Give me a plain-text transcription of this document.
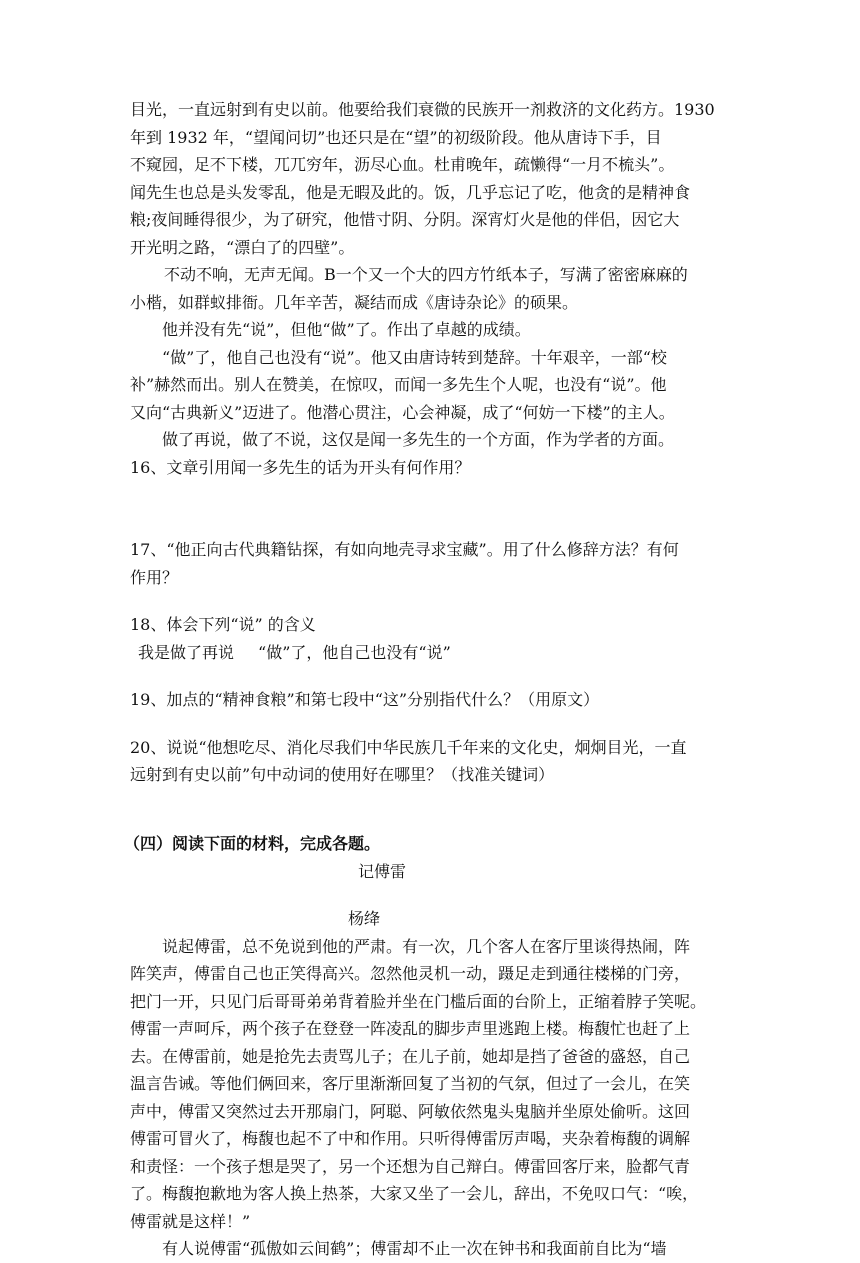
目光，一直远射到有史以前。他要给我们衰微的民族开一剂救济的文化药方。1930
年到 1932 年，“望闻问切”也还只是在“望”的初级阶段。他从唐诗下手，目
不窥园，足不下楼，兀兀穷年，沥尽心血。杜甫晚年，疏懒得“一月不梳头”。
闻先生也总是头发零乱，他是无暇及此的。饭，几乎忘记了吃，他贪的是精神食
粮;夜间睡得很少，为了研究，他惜寸阴、分阴。深宵灯火是他的伴侣，因它大
开光明之路，“漂白了的四壁”。
不动不响，无声无闻。Β一个又一个大的四方竹纸本子，写满了密密麻麻的
小楷，如群蚁排衙。几年辛苦，凝结而成《唐诗杂论》的硕果。
他并没有先“说”，但他“做”了。作出了卓越的成绩。
“做”了，他自己也没有“说”。他又由唐诗转到楚辞。十年艰辛，一部“校
补”赫然而出。别人在赞美，在惊叹，而闻一多先生个人呢，也没有“说”。他
又向“古典新义”迈进了。他潜心贯注，心会神凝，成了“何妨一下楼”的主人。
做了再说，做了不说，这仅是闻一多先生的一个方面，作为学者的方面。
16、文章引用闻一多先生的话为开头有何作用？
17、“他正向古代典籍钻探，有如向地壳寻求宝藏”。用了什么修辞方法？有何
作用？
18、体会下列“说” 的含义
我是做了再说 “做”了，他自己也没有“说”
19、加点的“精神食粮”和第七段中“这”分别指代什么？（用原文）
20、说说“他想吃尽、消化尽我们中华民族几千年来的文化史，炯炯目光，一直
远射到有史以前”句中动词的使用好在哪里？（找准关键词）
（四）阅读下面的材料，完成各题。
记傅雷
杨绛
说起傅雷，总不免说到他的严肃。有一次，几个客人在客厅里谈得热闹，阵
阵笑声，傅雷自己也正笑得高兴。忽然他灵机一动，蹑足走到通往楼梯的门旁，
把门一开，只见门后哥哥弟弟背着脸并坐在门槛后面的台阶上，正缩着脖子笑呢。
傅雷一声呵斥，两个孩子在登登一阵凌乱的脚步声里逃跑上楼。梅馥忙也赶了上
去。在傅雷前，她是抢先去责骂儿子；在儿子前，她却是挡了爸爸的盛怒，自己
温言告诫。等他们俩回来，客厅里渐渐回复了当初的气氛，但过了一会儿，在笑
声中，傅雷又突然过去开那扇门，阿聪、阿敏依然鬼头鬼脑并坐原处偷听。这回
傅雷可冒火了，梅馥也起不了中和作用。只听得傅雷厉声喝，夹杂着梅馥的调解
和责怪：一个孩子想是哭了，另一个还想为自己辩白。傅雷回客厅来，脸都气青
了。梅馥抱歉地为客人换上热茶，大家又坐了一会儿，辞出，不免叹口气：“唉，
傅雷就是这样！”
有人说傅雷“孤傲如云间鹤”；傅雷却不止一次在钟书和我面前自比为“墙
